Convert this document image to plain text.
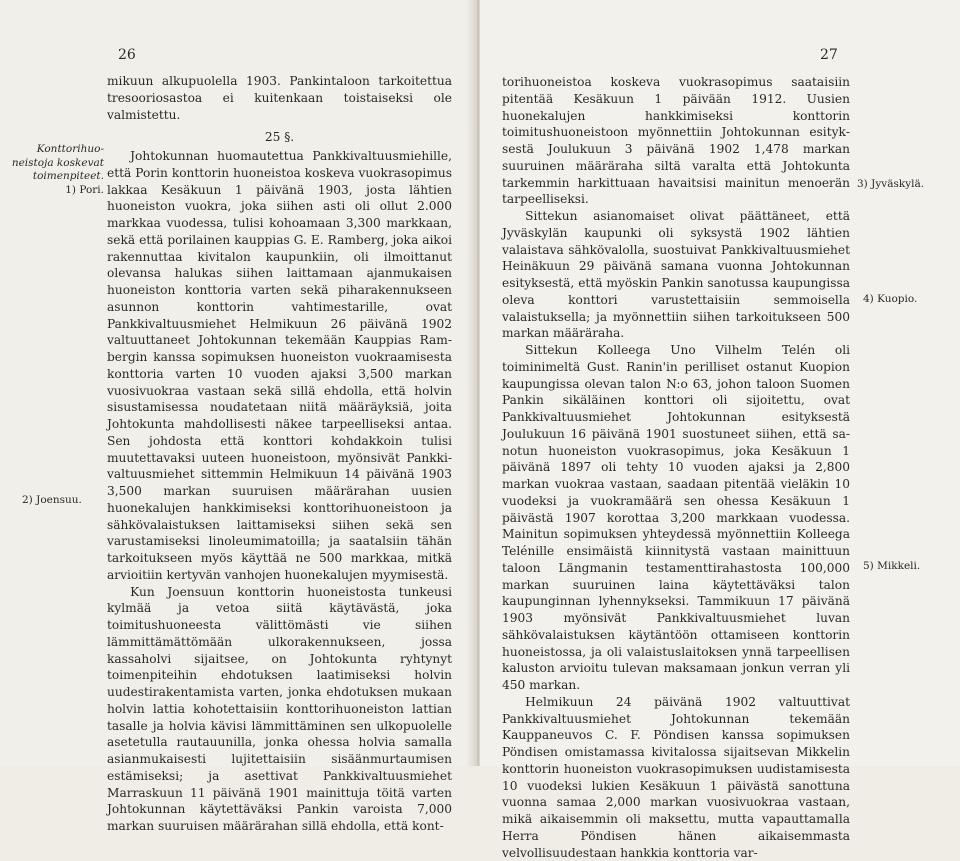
26
Konttorihuoneistoja koskevat toimenpiteet.
1) Pori.
2) Joensuu.

mikuun alkupuolella 1903. Pankintaloon tarkoitettua tresooriosastoa ei kuitenkaan toistaiseksi ole valmistettu.

25 §.

Johtokunnan huomautettua Pankkivaltuusmiehille, että Porin konttorin huoneistoa koskeva vuokrasopimus lakkaa Kesäkuun 1 päivänä 1903, josta lähtien huoneiston vuokra, joka siihen asti oli ollut 2.000 markkaa vuodessa, tulisi kohoamaan 3,300 markkaan, sekä että porilainen kauppias G. E. Ramberg, joka aikoi rakennuttaa kivitalon kaupunkiin, oli ilmoittanut olevansa halukas siihen laittamaan ajanmukaisen huoneiston konttoria varten sekä piharakennukseen asunnon konttorin vahtimestarille, ovat Pankkivaltuusmiehet Helmikuun 26 päivänä 1902 valtuuttaneet Johtokunnan tekemään Kauppias Rambergin kanssa sopimuksen huoneiston vuokraamisesta konttoria varten 10 vuoden ajaksi 3,500 markan vuosivuokraa vastaan sekä sillä ehdolla, että holvin sisustamisessa noudatetaan niitä määräyksiä, joita Johtokunta mahdollisesti näkee tarpeelliseksi antaa. Sen johdosta että konttori kohdakkoin tulisi muutettavaksi uuteen huoneistoon, myönsivät Pankkivaltuusmiehet sittemmin Helmikuun 14 päivänä 1903 3,500 markan suuruisen määrärahan uusien huonekalujen hankkimiseksi konttorihuoneistoon ja sähkövalaistuksen laittamiseksi siihen sekä sen varustamiseksi linoleumimatoilla; ja saatalsiin tähän tarkoitukseen myös käyttää ne 500 markkaa, mitkä arvioitiin kertyvän vanhojen huonekalujen myymisestä.

Kun Joensuun konttorin huoneistosta tunkeusi kylmää ja vetoa siitä käytävästä, joka toimitushuoneesta välittömästi vie siihen lämmittämättömään ulkorakennukseen, jossa kassaholvi sijaitsee, on Johtokunta ryhtynyt toimenpiteihin ehdotuksen laatimiseksi holvin uudestirakentamista varten, jonka ehdotuksen mukaan holvin lattia kohotettaisiin konttorihuoneiston lattian tasalle ja holvia kävisi lämmittäminen sen ulkopuolelle asetetulla rautauunilla, jonka ohessa holvia samalla asianmukaisesti lujitettaisiin sisäänmurtaumisen estämiseksi; ja asettivat Pankkivaltuusmiehet Marraskuun 11 päivänä 1901 mainittuja töitä varten Johtokunnan käytettäväksi Pankin varoista 7,000 markan suuruisen määrärahan sillä ehdolla, että kont-

27

torihuoneistoa koskeva vuokrasopimus saataisiin pitentää Kesäkuun 1 päivään 1912. Uusien huonekalujen hankkimiseksi konttorin toimitushuoneistoon myönnettiin Johtokunnan esityksestä Joulukuun 3 päivänä 1902 1,478 markan suuruinen määräraha siltä varalta että Johtokunta tarkemmin harkittuaan havaitsisi mainitun menoerän tarpeelliseksi.

Sittekun asianomaiset olivat päättäneet, että Jyväskylän kaupunki oli syksystä 1902 lähtien valaistava sähkövalolla, suostuivat Pankkivaltuusmiehet Heinäkuun 29 päivänä samana vuonna Johtokunnan esityksestä, että myöskin Pankin sanotussa kaupungissa oleva konttori varustettaisiin semmoisella valaistuksella; ja myönnettiin siihen tarkoitukseen 500 markan määräraha.

Sittekun Kolleega Uno Vilhelm Telén oli toiminimeltä Gust. Ranin'in perilliset ostanut Kuopion kaupungissa olevan talon N:o 63, johon taloon Suomen Pankin sikäläinen konttori oli sijoitettu, ovat Pankkivaltuusmiehet Johtokunnan esityksestä Joulukuun 16 päivänä 1901 suostuneet siihen, että sanotun huoneiston vuokrasopimus, joka Kesäkuun 1 päivänä 1897 oli tehty 10 vuoden ajaksi ja 2,800 markan vuokraa vastaan, saadaan pitentää vieläkin 10 vuodeksi ja vuokramäärä sen ohessa Kesäkuun 1 päivästä 1907 korottaa 3,200 markkaan vuodessa. Mainitun sopimuksen yhteydessä myönnettiin Kolleega Telénille ensimäistä kiinnitystä vastaan mainittuun taloon Längmanin testamenttirahastosta 100,000 markan suuruinen laina käytettäväksi talon kaupunginnan lyhennykseksi. Tammikuun 17 päivänä 1903 myönsivät Pankkivaltuusmiehet luvan sähkövalaistuksen käytäntöön ottamiseen konttorin huoneistossa, ja oli valaistuslaitoksen ynnä tarpeellisen kaluston arvioitu tulevan maksamaan jonkun verran yli 450 markan.

Helmikuun 24 päivänä 1902 valtuuttivat Pankkivaltuusmiehet Johtokunnan tekemään Kauppaneuvos C. F. Pöndisen kanssa sopimuksen Pöndisen omistamassa kivitalossa sijaitsevan Mikkelin konttorin huoneiston vuokrasopimuksen uudistamisesta 10 vuodeksi lukien Kesäkuun 1 päivästä sanottuna vuonna samaa 2,000 markan vuosivuokraa vastaan, mikä aikaisemmin oli maksettu, mutta vapauttamalla Herra Pöndisen hänen aikaisemmasta velvollisuudestaan hankkia konttoria var-

3) Jyväskylä.
4) Kuopio.
5) Mikkeli.
